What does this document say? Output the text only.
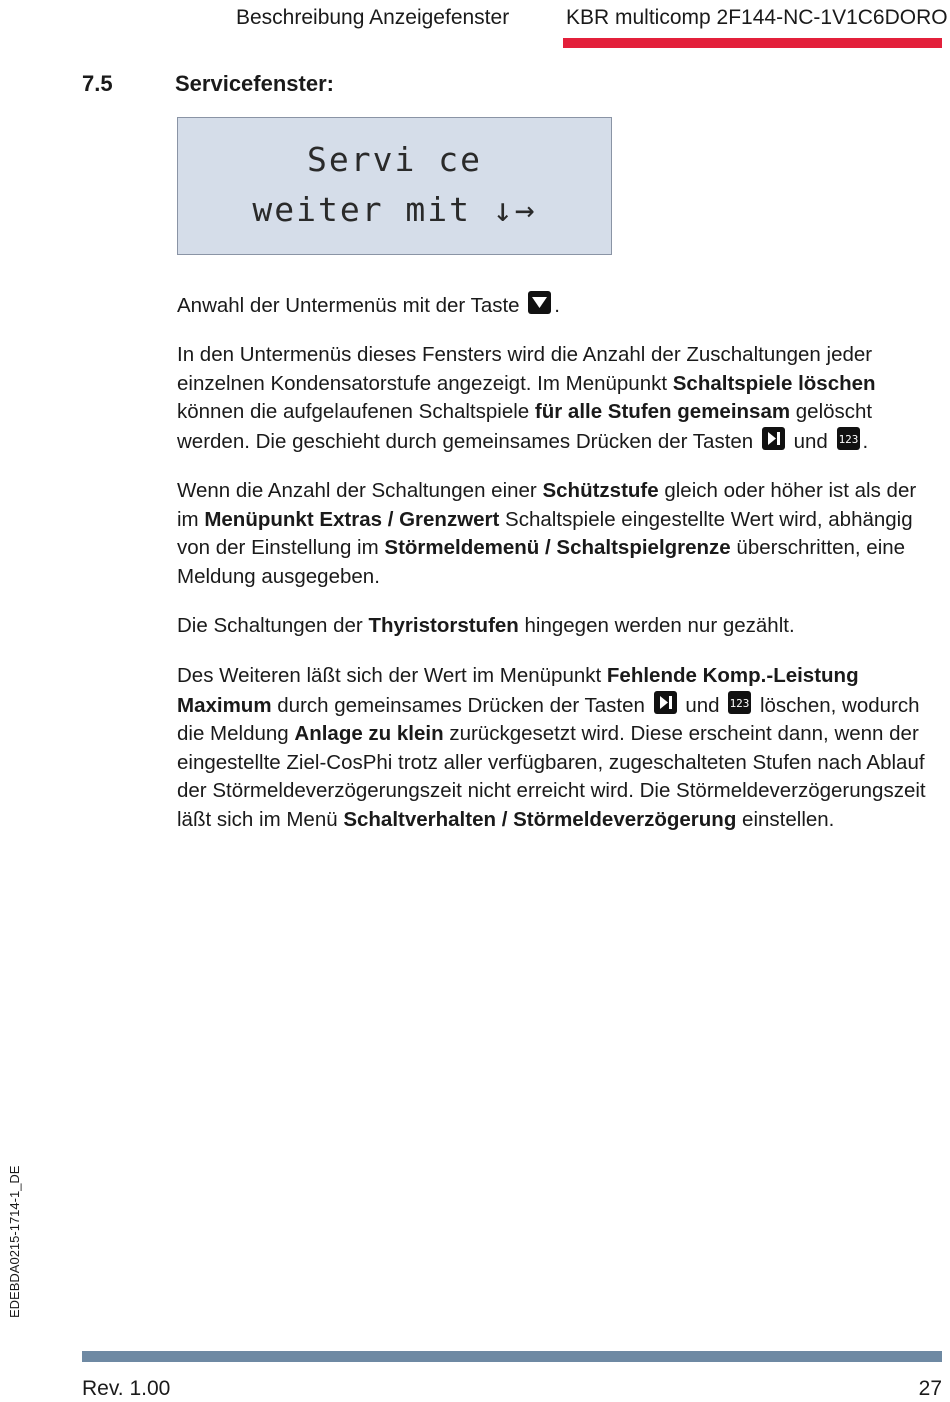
Beschreibung Anzeigefenster	KBR multicomp 2F144-NC-1V1C6DORO
7.5	Servicefenster:
Servi ce
weiter mit ↓→

Anwahl der Untermenüs mit der Taste .

In den Untermenüs dieses Fensters wird die Anzahl der Zuschaltungen jeder einzelnen Kondensatorstufe angezeigt. Im Menüpunkt Schaltspiele löschen können die aufgelaufenen Schaltspiele für alle Stufen gemeinsam gelöscht werden. Die geschieht durch gemeinsames Drücken der Tasten und 123 .

Wenn die Anzahl der Schaltungen einer Schützstufe gleich oder höher ist als der im Menüpunkt Extras / Grenzwert Schaltspiele eingestellte Wert wird, abhängig von der Einstellung im Störmeldemenü / Schaltspielgrenze überschritten, eine Meldung ausgegeben.

Die Schaltungen der Thyristorstufen hingegen werden nur gezählt.

Des Weiteren läßt sich der Wert im Menüpunkt Fehlende Komp.-Leistung Maximum durch gemeinsames Drücken der Tasten und 123 löschen, wodurch die Meldung Anlage zu klein zurückgesetzt wird. Diese erscheint dann, wenn der eingestellte Ziel-CosPhi trotz aller verfügbaren, zugeschalteten Stufen nach Ablauf der Störmeldeverzögerungszeit nicht erreicht wird. Die Störmeldeverzögerungszeit läßt sich im Menü Schaltverhalten / Störmeldeverzögerung einstellen.

EDEBDA0215-1714-1_DE
Rev. 1.00	27
